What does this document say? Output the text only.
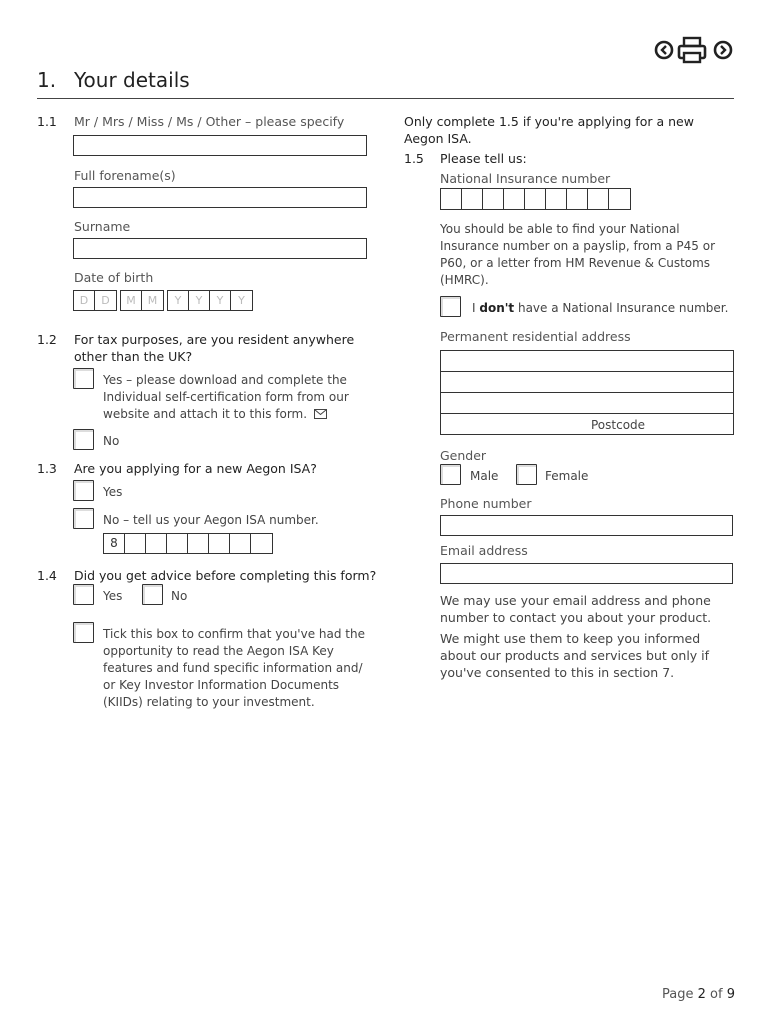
1. Your details
1.1 Mr / Mrs / Miss / Ms / Other – please specify
Full forename(s)
Surname
Date of birth
D	D	M	M	Y	Y	Y	Y
1.2 For tax purposes, are you resident anywhere other than the UK?
Yes – please download and complete the Individual self-certification form from our website and attach it to this form.
No
1.3 Are you applying for a new Aegon ISA?
Yes
No – tell us your Aegon ISA number.
8
1.4 Did you get advice before completing this form?
Yes	No
Tick this box to confirm that you've had the opportunity to read the Aegon ISA Key features and fund specific information and/ or Key Investor Information Documents (KIIDs) relating to your investment.
Only complete 1.5 if you're applying for a new Aegon ISA.
1.5 Please tell us:
National Insurance number
You should be able to find your National Insurance number on a payslip, from a P45 or P60, or a letter from HM Revenue & Customs (HMRC).
I don't have a National Insurance number.
Permanent residential address
Postcode
Gender
Male	Female
Phone number
Email address
We may use your email address and phone number to contact you about your product.
We might use them to keep you informed about our products and services but only if you've consented to this in section 7.
Page 2 of 9
